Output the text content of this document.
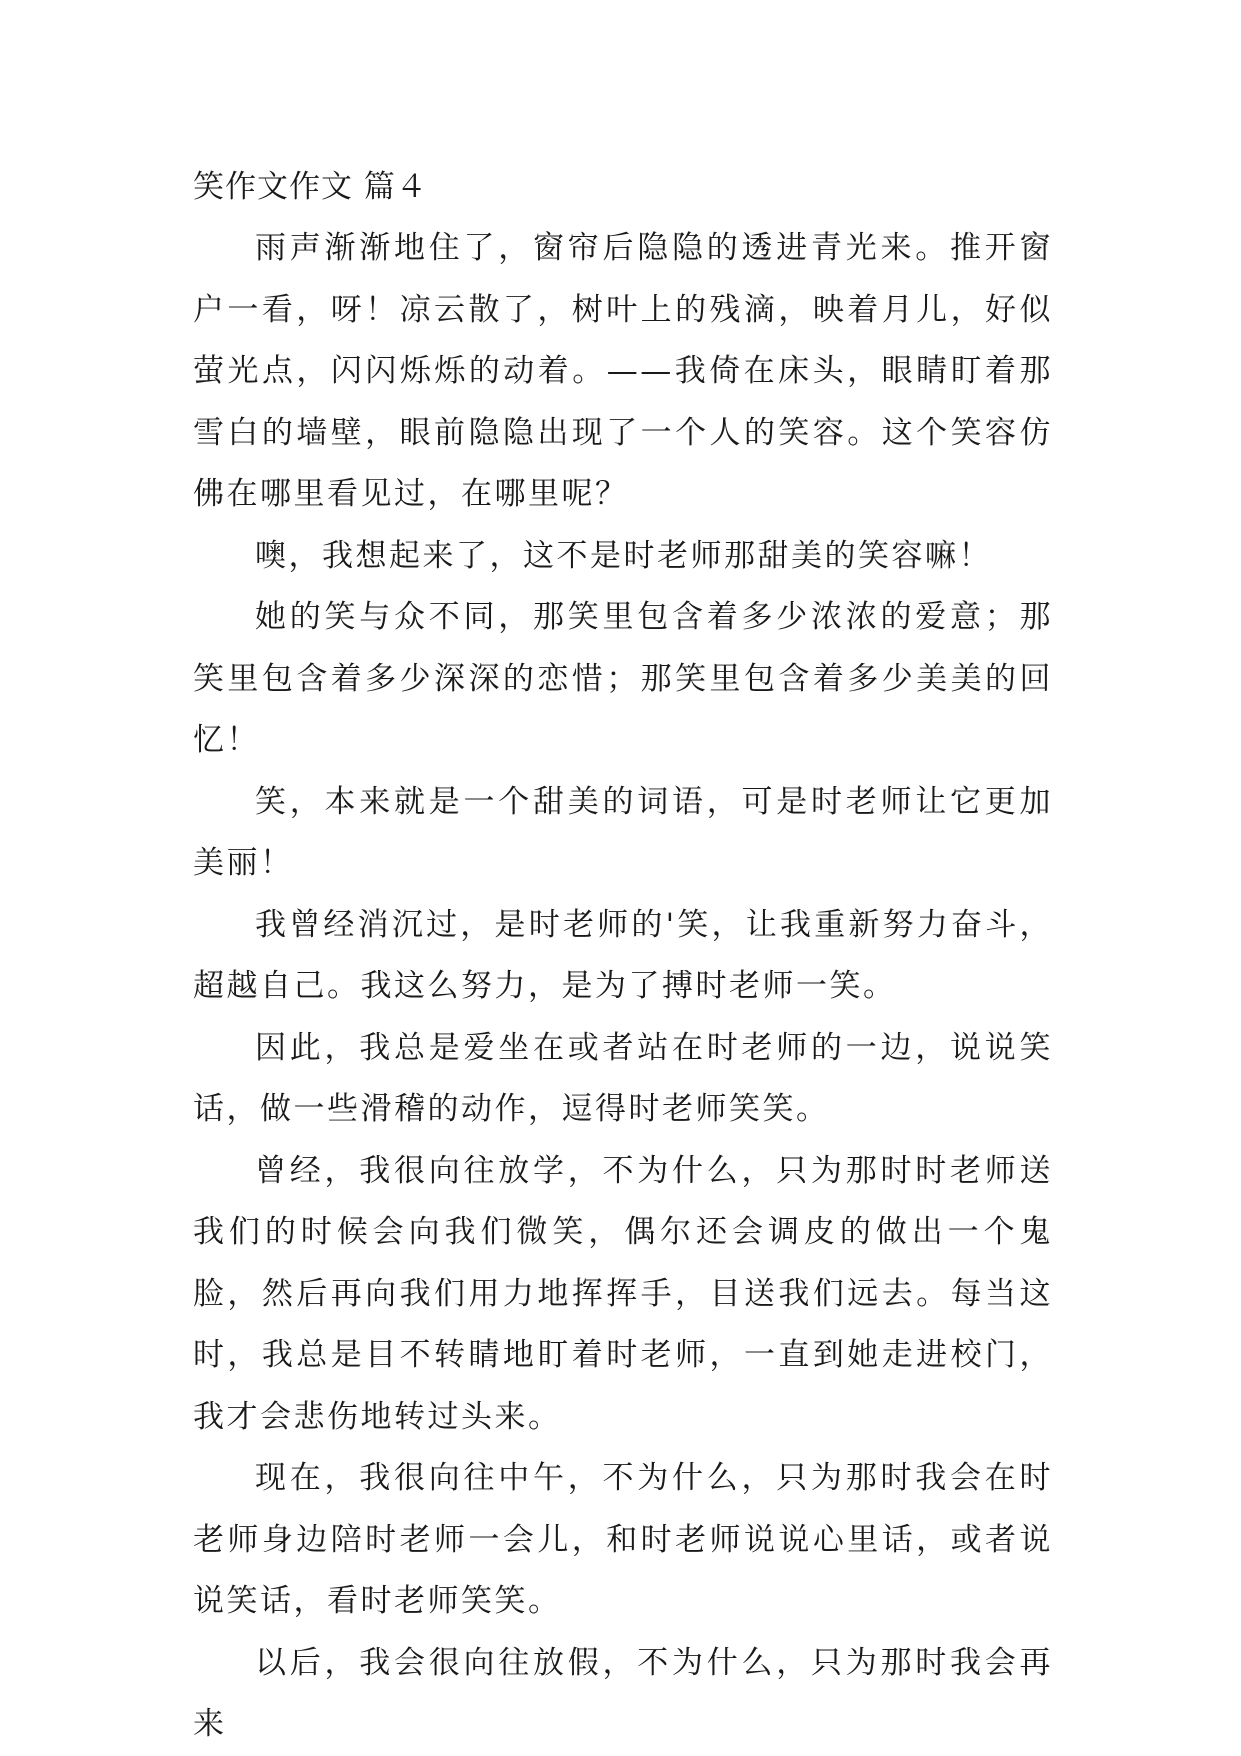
笑作文作文 篇４

雨声渐渐地住了，窗帘后隐隐的透进青光来。推开窗户一看，呀！凉云散了，树叶上的残滴，映着月儿，好似萤光点，闪闪烁烁的动着。——我倚在床头，眼睛盯着那雪白的墙壁，眼前隐隐出现了一个人的笑容。这个笑容仿佛在哪里看见过，在哪里呢？

噢，我想起来了，这不是时老师那甜美的笑容嘛！

她的笑与众不同，那笑里包含着多少浓浓的爱意；那笑里包含着多少深深的恋惜；那笑里包含着多少美美的回忆！

笑，本来就是一个甜美的词语，可是时老师让它更加美丽！

我曾经消沉过，是时老师的'笑，让我重新努力奋斗，超越自己。我这么努力，是为了搏时老师一笑。

因此，我总是爱坐在或者站在时老师的一边，说说笑话，做一些滑稽的动作，逗得时老师笑笑。

曾经，我很向往放学，不为什么，只为那时时老师送我们的时候会向我们微笑，偶尔还会调皮的做出一个鬼脸，然后再向我们用力地挥挥手，目送我们远去。每当这时，我总是目不转睛地盯着时老师，一直到她走进校门，我才会悲伤地转过头来。

现在，我很向往中午，不为什么，只为那时我会在时老师身边陪时老师一会儿，和时老师说说心里话，或者说说笑话，看时老师笑笑。

以后，我会很向往放假，不为什么，只为那时我会再来
